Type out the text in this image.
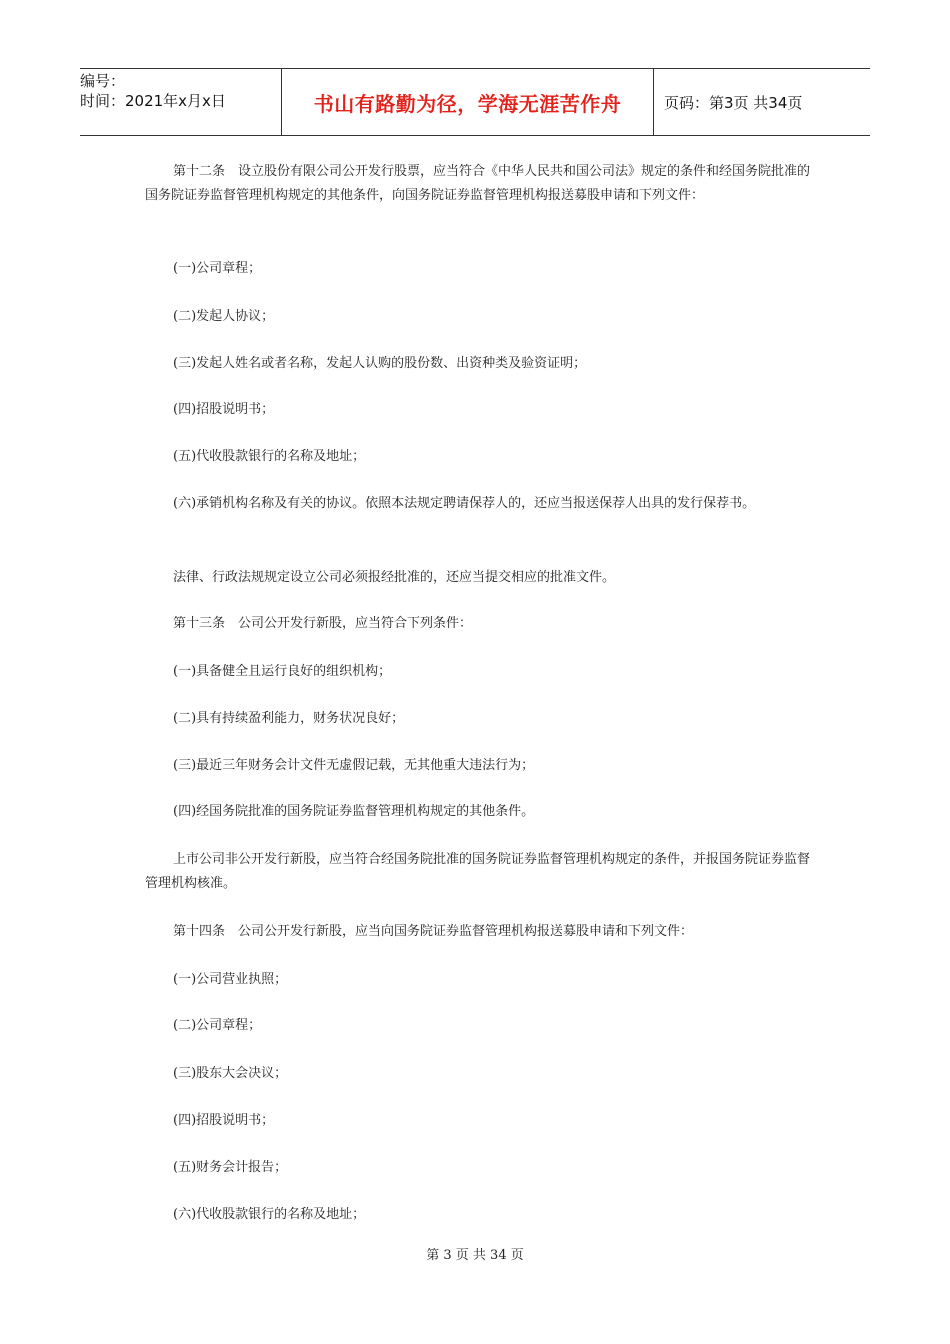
编号：
时间：2021年x月x日	书山有路勤为径，学海无涯苦作舟	页码：第3页 共34页
第十二条　设立股份有限公司公开发行股票，应当符合《中华人民共和国公司法》规定的条件和经国务院批准的国务院证券监督管理机构规定的其他条件，向国务院证券监督管理机构报送募股申请和下列文件：
(一)公司章程；
(二)发起人协议；
(三)发起人姓名或者名称，发起人认购的股份数、出资种类及验资证明；
(四)招股说明书；
(五)代收股款银行的名称及地址；
(六)承销机构名称及有关的协议。依照本法规定聘请保荐人的，还应当报送保荐人出具的发行保荐书。
法律、行政法规规定设立公司必须报经批准的，还应当提交相应的批准文件。
第十三条　公司公开发行新股，应当符合下列条件：
(一)具备健全且运行良好的组织机构；
(二)具有持续盈利能力，财务状况良好；
(三)最近三年财务会计文件无虚假记载，无其他重大违法行为；
(四)经国务院批准的国务院证券监督管理机构规定的其他条件。
上市公司非公开发行新股，应当符合经国务院批准的国务院证券监督管理机构规定的条件，并报国务院证券监督管理机构核准。
第十四条　公司公开发行新股，应当向国务院证券监督管理机构报送募股申请和下列文件：
(一)公司营业执照；
(二)公司章程；
(三)股东大会决议；
(四)招股说明书；
(五)财务会计报告；
(六)代收股款银行的名称及地址；
第 3 页 共 34 页
